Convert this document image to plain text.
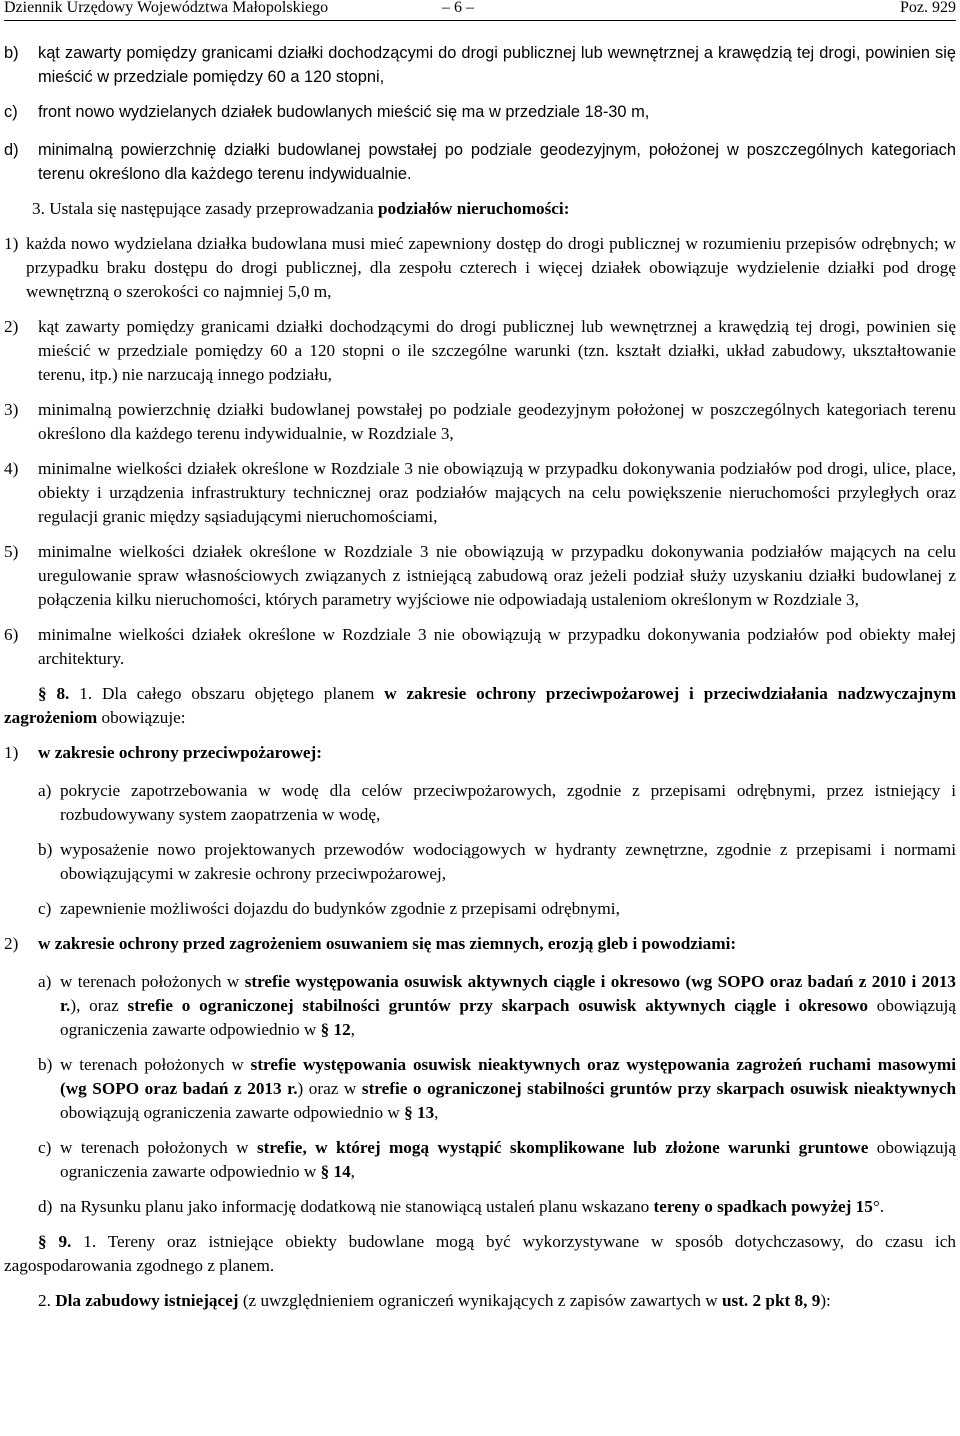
Dziennik Urzędowy Województwa Małopolskiego	– 6 –	Poz. 929
b)	kąt zawarty pomiędzy granicami działki dochodzącymi do drogi publicznej lub wewnętrznej a krawędzią tej drogi, powinien się mieścić w przedziale pomiędzy 60 a 120 stopni,
c)	front nowo wydzielanych działek budowlanych mieścić się ma w przedziale 18-30 m,
d)	minimalną powierzchnię działki budowlanej powstałej po podziale geodezyjnym, położonej w poszczególnych kategoriach terenu określono dla każdego terenu indywidualnie.

3. Ustala się następujące zasady przeprowadzania podziałów nieruchomości:

1) każda nowo wydzielana działka budowlana musi mieć zapewniony dostęp do drogi publicznej w rozumieniu przepisów odrębnych; w przypadku braku dostępu do drogi publicznej, dla zespołu czterech i więcej działek obowiązuje wydzielenie działki pod drogę wewnętrzną o szerokości co najmniej 5,0 m,
2)	kąt zawarty pomiędzy granicami działki dochodzącymi do drogi publicznej lub wewnętrznej a krawędzią tej drogi, powinien się mieścić w przedziale pomiędzy 60 a 120 stopni o ile szczególne warunki (tzn. kształt działki, układ zabudowy, ukształtowanie terenu, itp.) nie narzucają innego podziału,
3)	minimalną powierzchnię działki budowlanej powstałej po podziale geodezyjnym położonej w poszczególnych kategoriach terenu określono dla każdego terenu indywidualnie, w Rozdziale 3,
4)	minimalne wielkości działek określone w Rozdziale 3 nie obowiązują w przypadku dokonywania podziałów pod drogi, ulice, place, obiekty i urządzenia infrastruktury technicznej oraz podziałów mających na celu powiększenie nieruchomości przyległych oraz regulacji granic między sąsiadującymi nieruchomościami,
5)	minimalne wielkości działek określone w Rozdziale 3 nie obowiązują w przypadku dokonywania podziałów mających na celu uregulowanie spraw własnościowych związanych z istniejącą zabudową oraz jeżeli podział służy uzyskaniu działki budowlanej z połączenia kilku nieruchomości, których parametry wyjściowe nie odpowiadają ustaleniom określonym w Rozdziale 3,
6)	minimalne wielkości działek określone w Rozdziale 3 nie obowiązują w przypadku dokonywania podziałów pod obiekty małej architektury.

§ 8. 1. Dla całego obszaru objętego planem w zakresie ochrony przeciwpożarowej i przeciwdziałania nadzwyczajnym zagrożeniom obowiązuje:

1)	w zakresie ochrony przeciwpożarowej:
a) pokrycie zapotrzebowania w wodę dla celów przeciwpożarowych, zgodnie z przepisami odrębnymi, przez istniejący i rozbudowywany system zaopatrzenia w wodę,
b) wyposażenie nowo projektowanych przewodów wodociągowych w hydranty zewnętrzne, zgodnie z przepisami i normami obowiązującymi w zakresie ochrony przeciwpożarowej,
c) zapewnienie możliwości dojazdu do budynków zgodnie z przepisami odrębnymi,
2)	w zakresie ochrony przed zagrożeniem osuwaniem się mas ziemnych, erozją gleb i powodziami:
a) w terenach położonych w strefie występowania osuwisk aktywnych ciągle i okresowo (wg SOPO oraz badań z 2010 i 2013 r.), oraz strefie o ograniczonej stabilności gruntów przy skarpach osuwisk aktywnych ciągle i okresowo obowiązują ograniczenia zawarte odpowiednio w § 12,
b) w terenach położonych w strefie występowania osuwisk nieaktywnych oraz występowania zagrożeń ruchami masowymi (wg SOPO oraz badań z 2013 r.) oraz w strefie o ograniczonej stabilności gruntów przy skarpach osuwisk nieaktywnych obowiązują ograniczenia zawarte odpowiednio w § 13,
c) w terenach położonych w strefie, w której mogą wystąpić skomplikowane lub złożone warunki gruntowe obowiązują ograniczenia zawarte odpowiednio w § 14,
d) na Rysunku planu jako informację dodatkową nie stanowiącą ustaleń planu wskazano tereny o spadkach powyżej 15°.

§ 9. 1. Tereny oraz istniejące obiekty budowlane mogą być wykorzystywane w sposób dotychczasowy, do czasu ich zagospodarowania zgodnego z planem.

2. Dla zabudowy istniejącej (z uwzględnieniem ograniczeń wynikających z zapisów zawartych w ust. 2 pkt 8, 9):
